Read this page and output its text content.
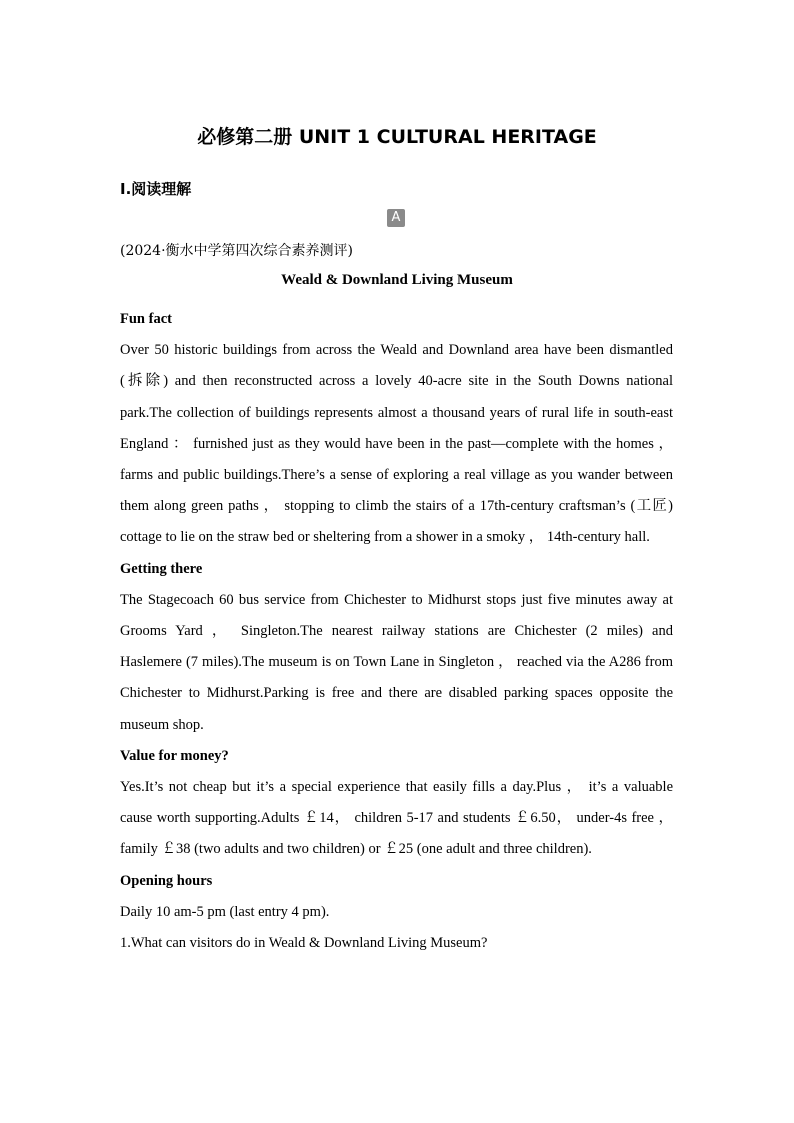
必修第二册 UNIT 1 CULTURAL HERITAGE
Ⅰ.阅读理解
A
(2024·衡水中学第四次综合素养测评)
Weald & Downland Living Museum

Fun fact

Over 50 historic buildings from across the Weald and Downland area have been dismantled (拆除) and then reconstructed across a lovely 40-acre site in the South Downs national park.The collection of buildings represents almost a thousand years of rural life in south-east England ： furnished just as they would have been in the past—complete with the homes ， farms and public buildings.There’s a sense of exploring a real village as you wander between them along green paths ， stopping to climb the stairs of a 17th-century craftsman’s (工匠) cottage to lie on the straw bed or sheltering from a shower in a smoky ， 14th-century hall.

Getting there

The Stagecoach 60 bus service from Chichester to Midhurst stops just five minutes away at Grooms Yard ， Singleton.The nearest railway stations are Chichester (2 miles) and Haslemere (7 miles).The museum is on Town Lane in Singleton ， reached via the A286 from Chichester to Midhurst.Parking is free and there are disabled parking spaces opposite the museum shop.

Value for money?

Yes.It’s not cheap but it’s a special experience that easily fills a day.Plus ， it’s a valuable cause worth supporting.Adults ￡14， children 5-17 and students ￡6.50， under-4s free ， family ￡38 (two adults and two children) or ￡25 (one adult and three children).

Opening hours

Daily 10 am-5 pm (last entry 4 pm).

1.What can visitors do in Weald & Downland Living Museum?
